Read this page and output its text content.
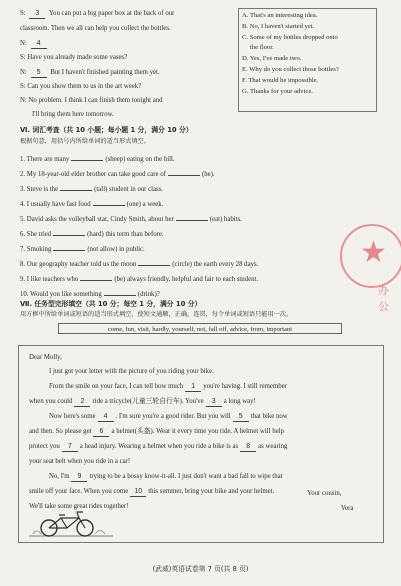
S: 3 You can put a big paper box at the back of our
classroom. Then we all can help you collect the bottles.
N: 4
S: Have you already made some vases?
N: 5 But I haven't finished painting them yet.
S: Can you show them to us in the art week?
N: No problem. I think I can finish them tonight and
I'll bring them here tomorrow.
A. That's an interesting idea.
B. No, I haven't started yet.
C. Some of my bottles dropped onto
the floor.
D. Yes, I've made two.
E. Why do you collect those bottles?
F. That would be impossible.
G. Thanks for your advice.
Ⅵ. 词汇考查（共 10 小题；每小题 1 分，满分 10 分）
根据句意，用括号内所给单词的适当形式填空。
1. There are many	(sheep) eating on the hill.
2. My 18-year-old elder brother can take good care of	(he).
3. Steve is the	(tall) student in our class.
4. I usually have fast food	(one) a week.
5. David asks the volleyball star, Cindy Smith, about her	(eat) habits.
6. She tried	(hard) this term than before.
7. Smoking	(not allow) in public.
8. Our geography teacher told us the moon	(circle) the earth every 28 days.
9. I like teachers who	(be) always friendly, helpful and fair to each student.
10. Would you like something	(drink)?
★
办 公
Ⅶ. 任务型完形填空（共 10 分；每空 1 分，满分 10 分）
用方框中所给单词或短语的适当形式填空，使短文通顺，正确，连贯，每个单词或短语只能用一次。
come, fun, visit, hardly, yourself, not, fall off, advice, from, important
Dear Molly,
I just got your letter with the picture of you riding your bike.
From the smile on your face, I can tell how much 1 you're having. I still remember
when you could 2 ride a tricycle(儿童三轮自行车). You've 3 a long way!
Now here's some 4 . I'm sure you're a good rider. But you will 5 that bike now
and then. So please get 6 a helmet(头盔). Wear it every time you ride. A helmet will help
protect you 7 a head injury. Wearing a helmet when you ride a bike is as 8 as wearing
your seat belt when you ride in a car!
No, I'm 9 trying to be a bossy know-it-all. I just don't want a bad fall to wipe that
smile off your face. When you come 10 this summer, bring your bike and your helmet.
We'll take some great rides together!
Your cousin,
Vera
(武威)英语试卷第 7 页(共 8 页)
